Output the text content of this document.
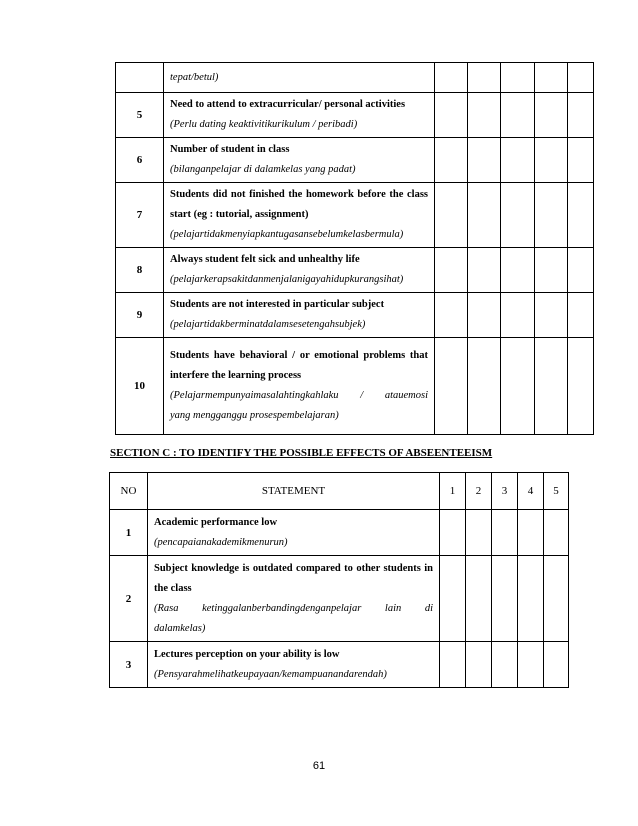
	tepat/betul)					

5	Need to attend to extracurricular/ personal activities
(Perlu dating keaktivitikurikulum / peribadi)					

6	Number of student in class
(bilanganpelajar di dalamkelas yang padat)					

7	Students did not finished the homework before the class start (eg : tutorial, assignment)
(pelajartidakmenyiapkantugasansebelumkelasbermula)					

8	Always student felt sick and unhealthy life
(pelajarkerapsakitdanmenjalanigayahidupkurangsihat)					

9	Students are not interested in particular subject
(pelajartidakberminatdalamsesetengahsubjek)					

10	Students have behavioral / or emotional problems that interfere the learning process
(Pelajarmempunyaimasalahtingkahlaku / atauemosi
yang mengganggu prosespembelajaran)					

SECTION C : TO IDENTIFY THE POSSIBLE EFFECTS OF ABSEENTEEISM

NO	STATEMENT	1	2	3	4	5
1	Academic performance low
(pencapaianakademikmenurun)					

2	Subject knowledge is outdated compared to other students in the class
(Rasa ketinggalanberbandingdenganpelajar lain di
dalamkelas)					

3	Lectures perception on your ability is low
(Pensyarahmelihatkeupayaan/kemampuanandarendah)					

61
